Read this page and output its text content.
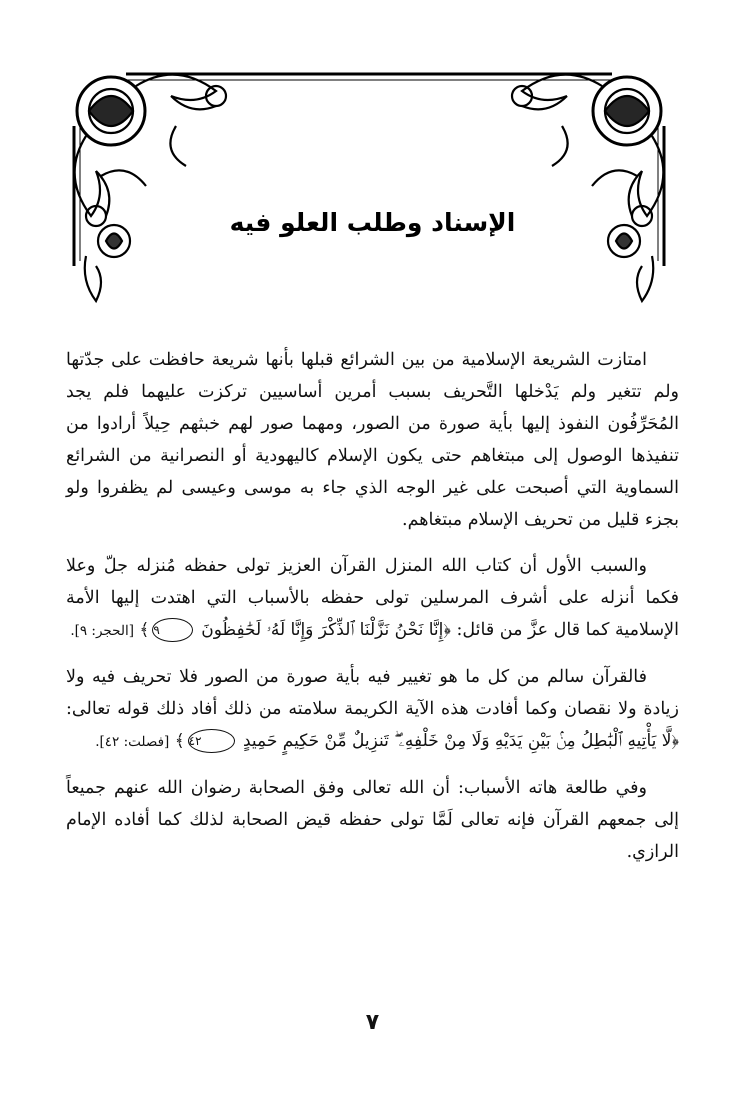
الإسناد وطلب العلو فيه

امتازت الشريعة الإسلامية من بين الشرائع قبلها بأنها شريعة حافظت على جدّتها ولم تتغير ولم يَدْخلها التَّحريف بسبب أمرين أساسيين تركزت عليهما فلم يجد المُحَرِّفُون النفوذ إليها بأية صورة من الصور، ومهما صور لهم خبثهم حِيلاً أرادوا من تنفيذها الوصول إلى مبتغاهم حتى يكون الإسلام كاليهودية أو النصرانية من الشرائع السماوية التي أصبحت على غير الوجه الذي جاء به موسى وعيسى لم يظفروا ولو بجزء قليل من تحريف الإسلام مبتغاهم.

والسبب الأول أن كتاب الله المنزل القرآن العزيز تولى حفظه مُنزله جلّ وعلا فكما أنزله على أشرف المرسلين تولى حفظه بالأسباب التي اهتدت إليها الأمة الإسلامية كما قال عزَّ من قائل: ﴿إِنَّا نَحْنُ نَزَّلْنَا ٱلذِّكْرَ وَإِنَّا لَهُۥ لَحَٰفِظُونَ ٩﴾ [الحجر: ٩].

فالقرآن سالم من كل ما هو تغيير فيه بأية صورة من الصور فلا تحريف فيه ولا زيادة ولا نقصان وكما أفادت هذه الآية الكريمة سلامته من ذلك أفاد ذلك قوله تعالى: ﴿لَّا يَأْتِيهِ ٱلْبَٰطِلُ مِنۢ بَيْنِ يَدَيْهِ وَلَا مِنْ خَلْفِهِۦ ۖ تَنزِيلٌ مِّنْ حَكِيمٍ حَمِيدٍ ٤٢﴾ [فصلت: ٤٢].

وفي طالعة هاته الأسباب: أن الله تعالى وفق الصحابة رضوان الله عنهم جميعاً إلى جمعهم القرآن فإنه تعالى لَمَّا تولى حفظه قيض الصحابة لذلك كما أفاده الإمام الرازي.

٧
